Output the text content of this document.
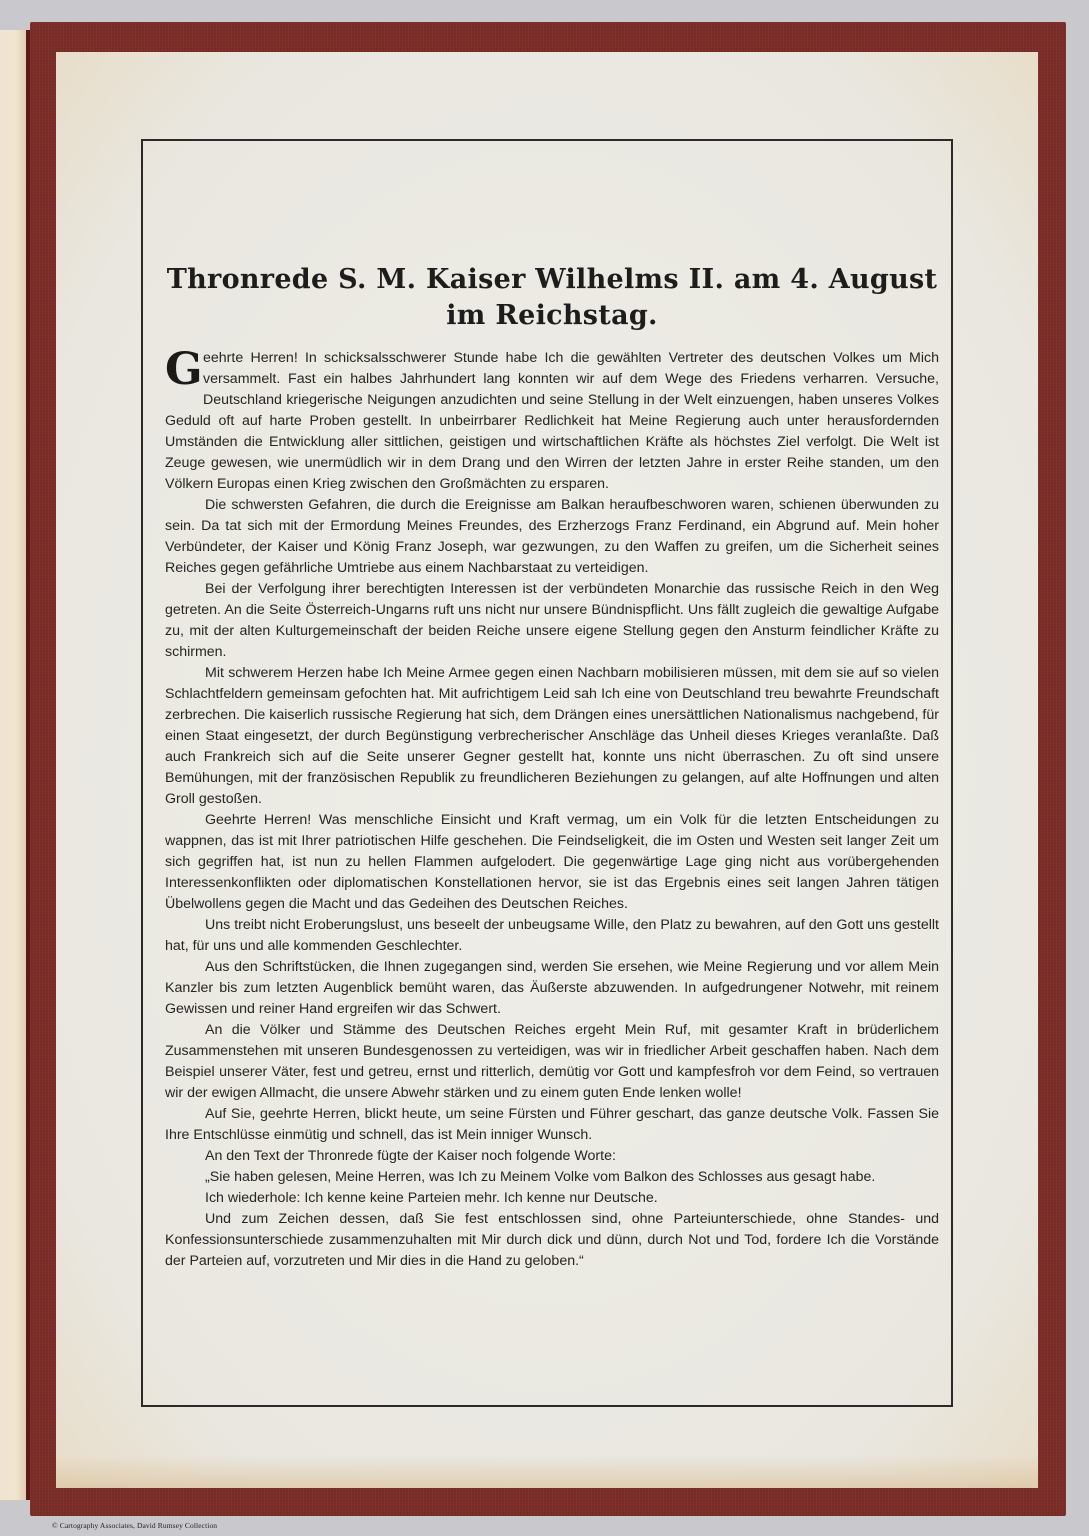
Thronrede S. M. Kaiser Wilhelms II. am 4. August im Reichstag.

Geehrte Herren! In schicksalsschwerer Stunde habe Ich die gewählten Vertreter des deutschen Volkes um Mich versammelt. Fast ein halbes Jahrhundert lang konnten wir auf dem Wege des Friedens verharren. Versuche, Deutschland kriegerische Neigungen anzudichten und seine Stellung in der Welt einzuengen, haben unseres Volkes Geduld oft auf harte Proben gestellt. In unbeirrbarer Redlichkeit hat Meine Regierung auch unter herausfordernden Umständen die Entwicklung aller sittlichen, geistigen und wirtschaftlichen Kräfte als höchstes Ziel verfolgt. Die Welt ist Zeuge gewesen, wie unermüdlich wir in dem Drang und den Wirren der letzten Jahre in erster Reihe standen, um den Völkern Europas einen Krieg zwischen den Großmächten zu ersparen.

Die schwersten Gefahren, die durch die Ereignisse am Balkan heraufbeschworen waren, schienen überwunden zu sein. Da tat sich mit der Ermordung Meines Freundes, des Erzherzogs Franz Ferdinand, ein Abgrund auf. Mein hoher Verbündeter, der Kaiser und König Franz Joseph, war gezwungen, zu den Waffen zu greifen, um die Sicherheit seines Reiches gegen gefährliche Umtriebe aus einem Nachbarstaat zu verteidigen.

Bei der Verfolgung ihrer berechtigten Interessen ist der verbündeten Monarchie das russische Reich in den Weg getreten. An die Seite Österreich-Ungarns ruft uns nicht nur unsere Bündnispflicht. Uns fällt zugleich die gewaltige Aufgabe zu, mit der alten Kulturgemeinschaft der beiden Reiche unsere eigene Stellung gegen den Ansturm feindlicher Kräfte zu schirmen.

Mit schwerem Herzen habe Ich Meine Armee gegen einen Nachbarn mobilisieren müssen, mit dem sie auf so vielen Schlachtfeldern gemeinsam gefochten hat. Mit aufrichtigem Leid sah Ich eine von Deutschland treu bewahrte Freundschaft zerbrechen. Die kaiserlich russische Regierung hat sich, dem Drängen eines unersättlichen Nationalismus nachgebend, für einen Staat eingesetzt, der durch Begünstigung verbrecherischer Anschläge das Unheil dieses Krieges veranlaßte. Daß auch Frankreich sich auf die Seite unserer Gegner gestellt hat, konnte uns nicht überraschen. Zu oft sind unsere Bemühungen, mit der französischen Republik zu freundlicheren Beziehungen zu gelangen, auf alte Hoffnungen und alten Groll gestoßen.

Geehrte Herren! Was menschliche Einsicht und Kraft vermag, um ein Volk für die letzten Entscheidungen zu wappnen, das ist mit Ihrer patriotischen Hilfe geschehen. Die Feindseligkeit, die im Osten und Westen seit langer Zeit um sich gegriffen hat, ist nun zu hellen Flammen aufgelodert. Die gegenwärtige Lage ging nicht aus vorübergehenden Interessenkonflikten oder diplomatischen Konstellationen hervor, sie ist das Ergebnis eines seit langen Jahren tätigen Übelwollens gegen die Macht und das Gedeihen des Deutschen Reiches.

Uns treibt nicht Eroberungslust, uns beseelt der unbeugsame Wille, den Platz zu bewahren, auf den Gott uns gestellt hat, für uns und alle kommenden Geschlechter.

Aus den Schriftstücken, die Ihnen zugegangen sind, werden Sie ersehen, wie Meine Regierung und vor allem Mein Kanzler bis zum letzten Augenblick bemüht waren, das Äußerste abzuwenden. In aufgedrungener Notwehr, mit reinem Gewissen und reiner Hand ergreifen wir das Schwert.

An die Völker und Stämme des Deutschen Reiches ergeht Mein Ruf, mit gesamter Kraft in brüderlichem Zusammenstehen mit unseren Bundesgenossen zu verteidigen, was wir in friedlicher Arbeit geschaffen haben. Nach dem Beispiel unserer Väter, fest und getreu, ernst und ritterlich, demütig vor Gott und kampfesfroh vor dem Feind, so vertrauen wir der ewigen Allmacht, die unsere Abwehr stärken und zu einem guten Ende lenken wolle!

Auf Sie, geehrte Herren, blickt heute, um seine Fürsten und Führer geschart, das ganze deutsche Volk. Fassen Sie Ihre Entschlüsse einmütig und schnell, das ist Mein inniger Wunsch.

An den Text der Thronrede fügte der Kaiser noch folgende Worte:

„Sie haben gelesen, Meine Herren, was Ich zu Meinem Volke vom Balkon des Schlosses aus gesagt habe.

Ich wiederhole: Ich kenne keine Parteien mehr. Ich kenne nur Deutsche.

Und zum Zeichen dessen, daß Sie fest entschlossen sind, ohne Parteiunterschiede, ohne Standes- und Konfessionsunterschiede zusammenzuhalten mit Mir durch dick und dünn, durch Not und Tod, fordere Ich die Vorstände der Parteien auf, vorzutreten und Mir dies in die Hand zu geloben.“

© Cartography Associates, David Rumsey Collection
